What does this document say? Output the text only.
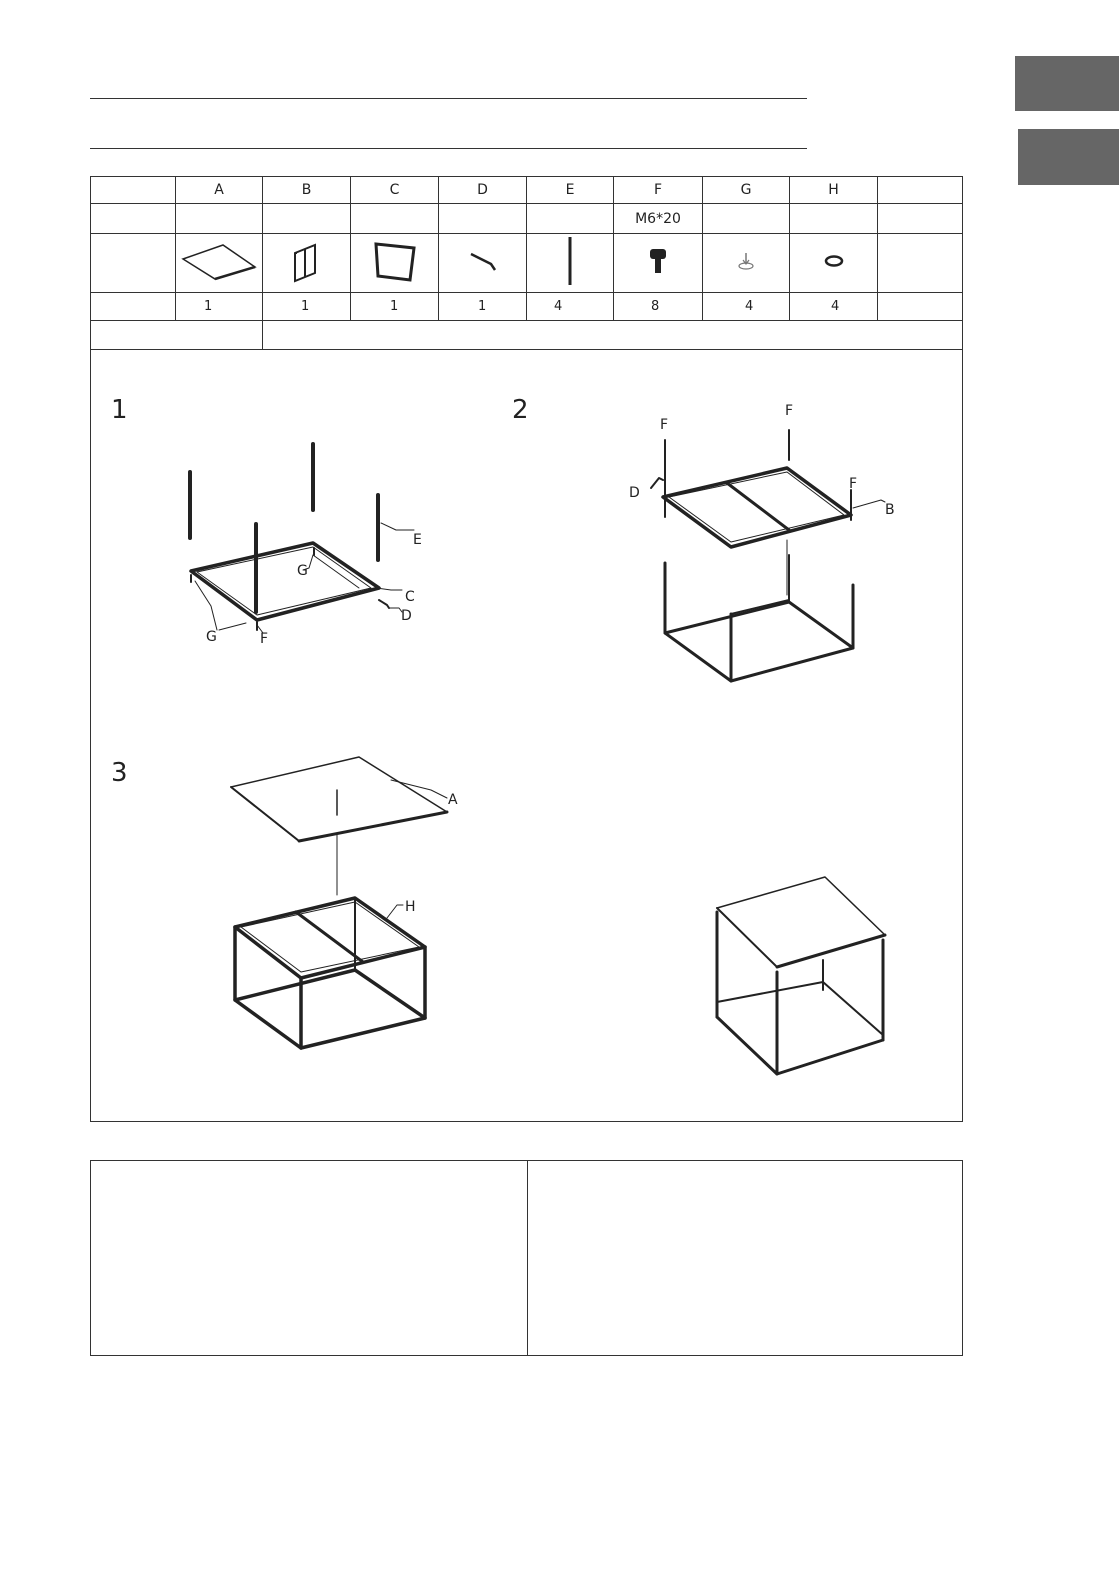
	A	B	C	D	E	F	G	H	
						M6*20			

	1	1	1	1	4	8	4	4	

1	2
3
E
G
C
D
G	F
F
F
F
D
B
A
H
